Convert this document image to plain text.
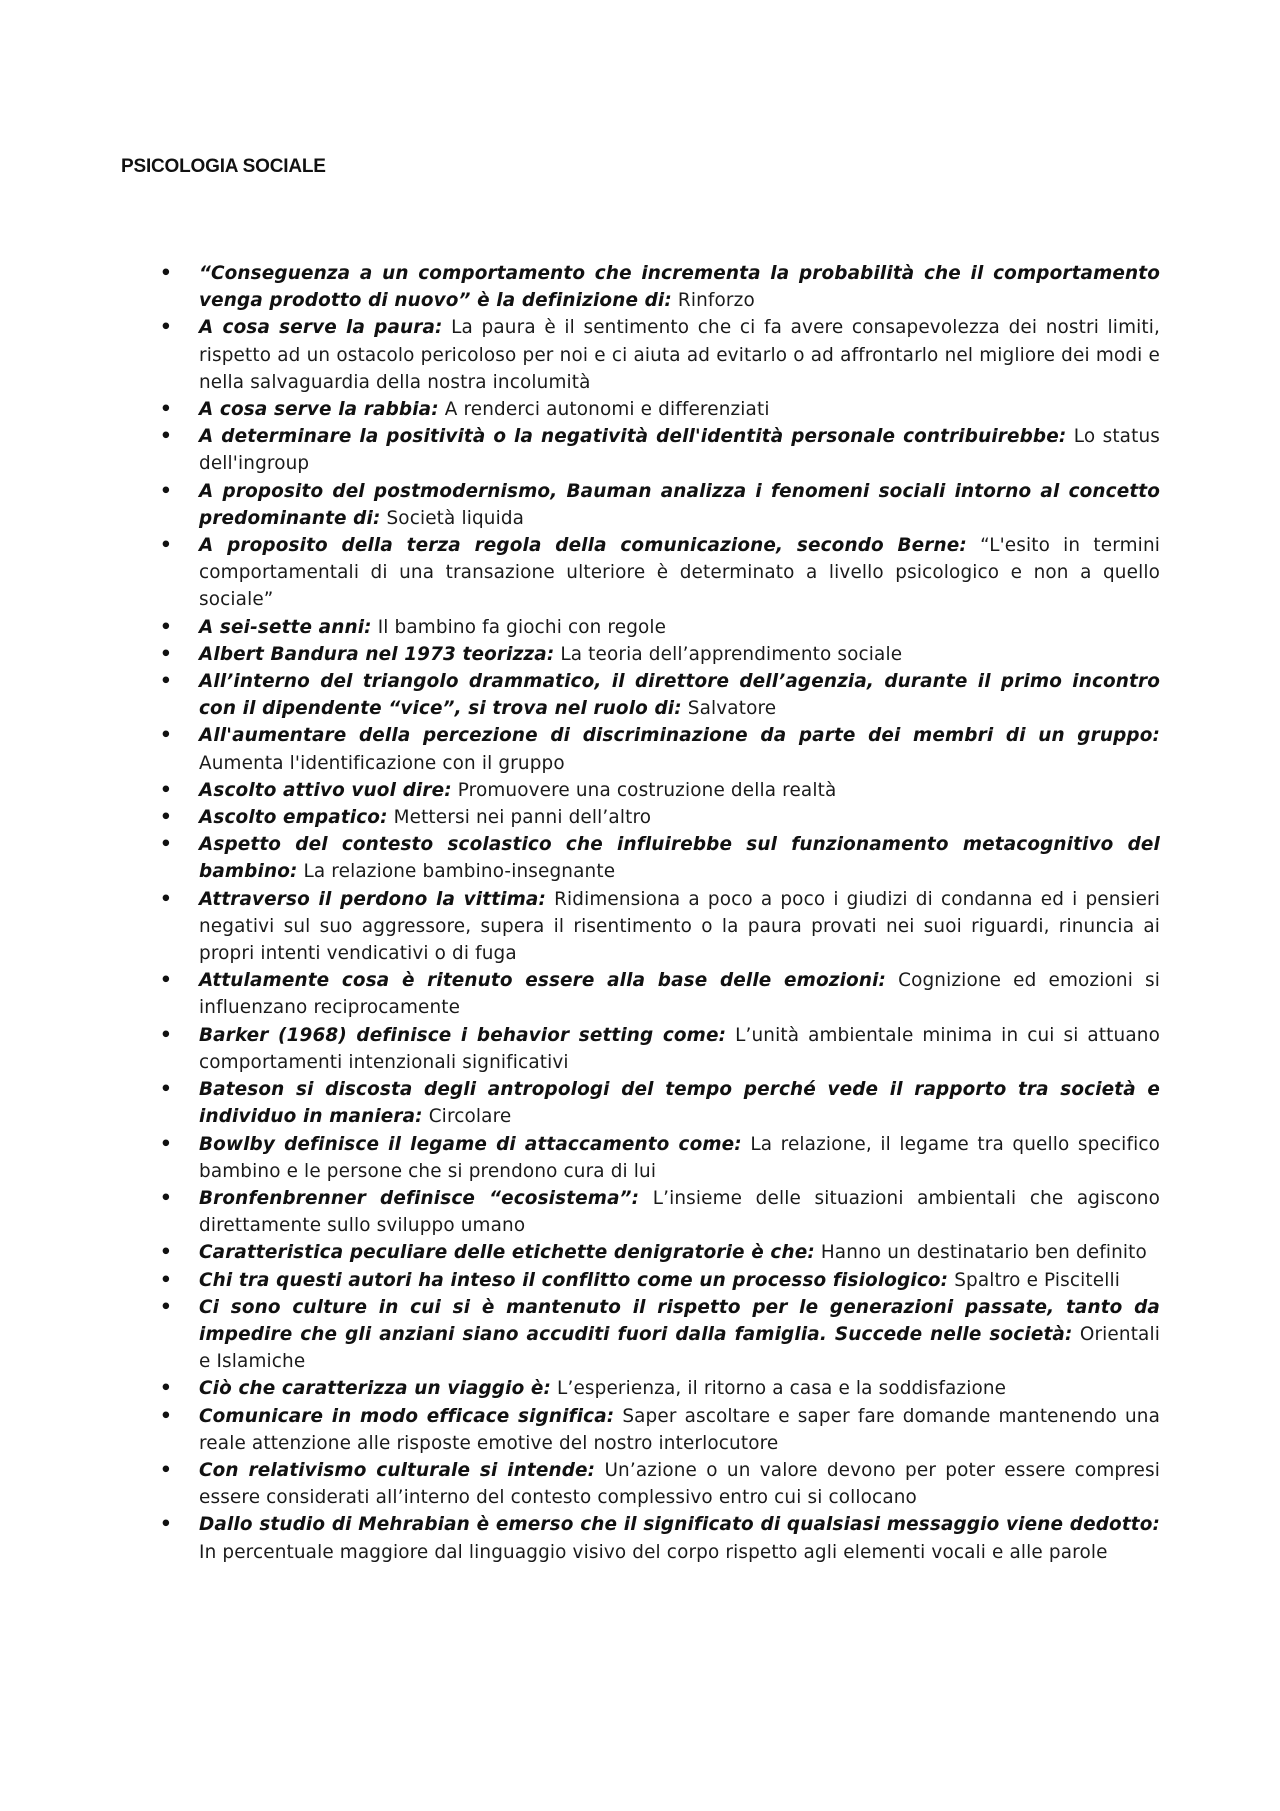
PSICOLOGIA SOCIALE
• “Conseguenza a un comportamento che incrementa la probabilità che il comportamento venga prodotto di nuovo” è la definizione di: Rinforzo
• A cosa serve la paura: La paura è il sentimento che ci fa avere consapevolezza dei nostri limiti, rispetto ad un ostacolo pericoloso per noi e ci aiuta ad evitarlo o ad affrontarlo nel migliore dei modi e nella salvaguardia della nostra incolumità
• A cosa serve la rabbia: A renderci autonomi e differenziati
• A determinare la positività o la negatività dell'identità personale contribuirebbe: Lo status dell'ingroup
• A proposito del postmodernismo, Bauman analizza i fenomeni sociali intorno al concetto predominante di: Società liquida
• A proposito della terza regola della comunicazione, secondo Berne: “L'esito in termini comportamentali di una transazione ulteriore è determinato a livello psicologico e non a quello sociale”
• A sei-sette anni: Il bambino fa giochi con regole
• Albert Bandura nel 1973 teorizza: La teoria dell’apprendimento sociale
• All’interno del triangolo drammatico, il direttore dell’agenzia, durante il primo incontro con il dipendente “vice”, si trova nel ruolo di: Salvatore
• All'aumentare della percezione di discriminazione da parte dei membri di un gruppo: Aumenta l'identificazione con il gruppo
• Ascolto attivo vuol dire: Promuovere una costruzione della realtà
• Ascolto empatico: Mettersi nei panni dell’altro
• Aspetto del contesto scolastico che influirebbe sul funzionamento metacognitivo del bambino: La relazione bambino-insegnante
• Attraverso il perdono la vittima: Ridimensiona a poco a poco i giudizi di condanna ed i pensieri negativi sul suo aggressore, supera il risentimento o la paura provati nei suoi riguardi, rinuncia ai propri intenti vendicativi o di fuga
• Attulamente cosa è ritenuto essere alla base delle emozioni: Cognizione ed emozioni si influenzano reciprocamente
• Barker (1968) definisce i behavior setting come: L’unità ambientale minima in cui si attuano comportamenti intenzionali significativi
• Bateson si discosta degli antropologi del tempo perché vede il rapporto tra società e individuo in maniera: Circolare
• Bowlby definisce il legame di attaccamento come: La relazione, il legame tra quello specifico bambino e le persone che si prendono cura di lui
• Bronfenbrenner definisce “ecosistema”: L’insieme delle situazioni ambientali che agiscono direttamente sullo sviluppo umano
• Caratteristica peculiare delle etichette denigratorie è che: Hanno un destinatario ben definito
• Chi tra questi autori ha inteso il conflitto come un processo fisiologico: Spaltro e Piscitelli
• Ci sono culture in cui si è mantenuto il rispetto per le generazioni passate, tanto da impedire che gli anziani siano accuditi fuori dalla famiglia. Succede nelle società: Orientali e Islamiche
• Ciò che caratterizza un viaggio è: L’esperienza, il ritorno a casa e la soddisfazione
• Comunicare in modo efficace significa: Saper ascoltare e saper fare domande mantenendo una reale attenzione alle risposte emotive del nostro interlocutore
• Con relativismo culturale si intende: Un’azione o un valore devono per poter essere compresi essere considerati all’interno del contesto complessivo entro cui si collocano
• Dallo studio di Mehrabian è emerso che il significato di qualsiasi messaggio viene dedotto: In percentuale maggiore dal linguaggio visivo del corpo rispetto agli elementi vocali e alle parole
